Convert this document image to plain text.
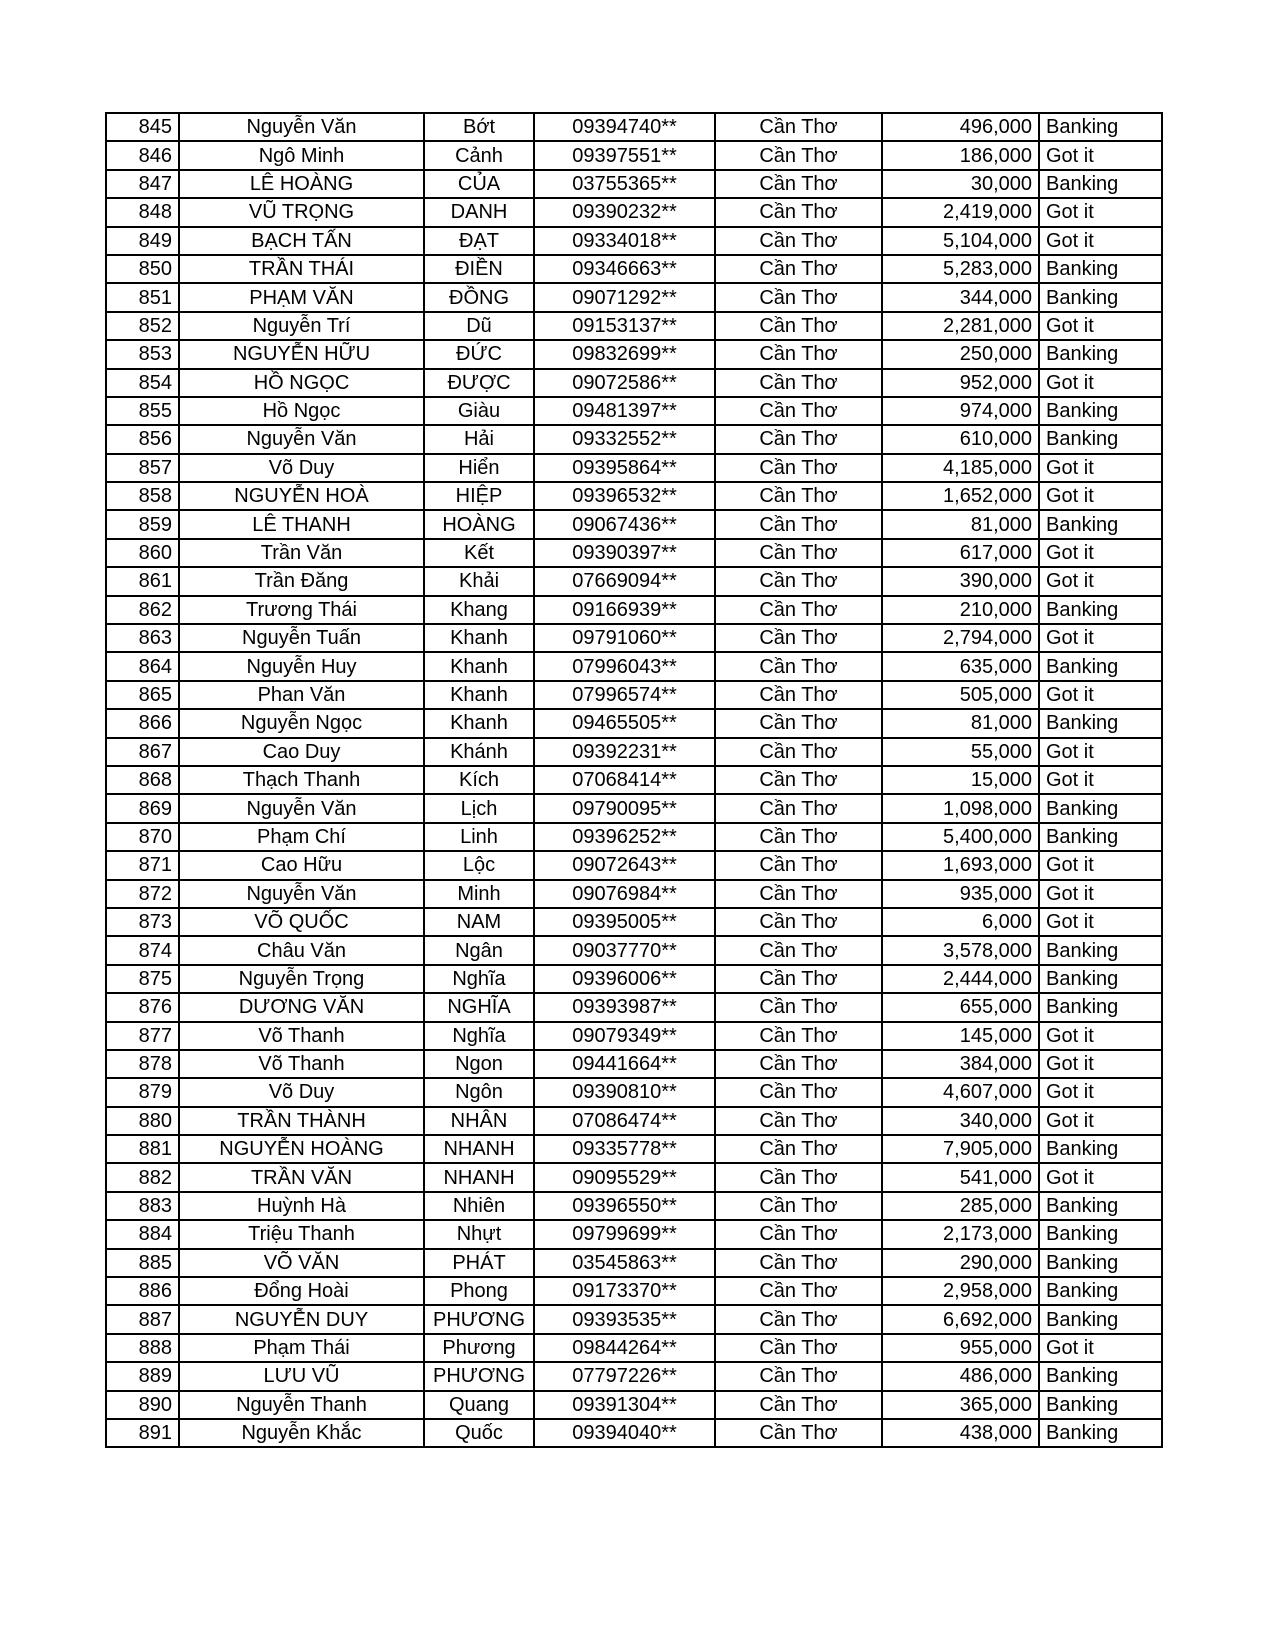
845	Nguyễn Văn	Bớt	09394740**	Cần Thơ	496,000	Banking
846	Ngô Minh	Cảnh	09397551**	Cần Thơ	186,000	Got it
847	LÊ HOÀNG	CỦA	03755365**	Cần Thơ	30,000	Banking
848	VŨ TRỌNG	DANH	09390232**	Cần Thơ	2,419,000	Got it
849	BẠCH TẤN	ĐẠT	09334018**	Cần Thơ	5,104,000	Got it
850	TRẦN THÁI	ĐIỀN	09346663**	Cần Thơ	5,283,000	Banking
851	PHẠM VĂN	ĐỒNG	09071292**	Cần Thơ	344,000	Banking
852	Nguyễn Trí	Dũ	09153137**	Cần Thơ	2,281,000	Got it
853	NGUYỄN HỮU	ĐỨC	09832699**	Cần Thơ	250,000	Banking
854	HỒ NGỌC	ĐƯỢC	09072586**	Cần Thơ	952,000	Got it
855	Hồ Ngọc	Giàu	09481397**	Cần Thơ	974,000	Banking
856	Nguyễn Văn	Hải	09332552**	Cần Thơ	610,000	Banking
857	Võ Duy	Hiển	09395864**	Cần Thơ	4,185,000	Got it
858	NGUYỄN HOÀ	HIỆP	09396532**	Cần Thơ	1,652,000	Got it
859	LÊ THANH	HOÀNG	09067436**	Cần Thơ	81,000	Banking
860	Trần Văn	Kết	09390397**	Cần Thơ	617,000	Got it
861	Trần Đăng	Khải	07669094**	Cần Thơ	390,000	Got it
862	Trương Thái	Khang	09166939**	Cần Thơ	210,000	Banking
863	Nguyễn Tuấn	Khanh	09791060**	Cần Thơ	2,794,000	Got it
864	Nguyễn Huy	Khanh	07996043**	Cần Thơ	635,000	Banking
865	Phan Văn	Khanh	07996574**	Cần Thơ	505,000	Got it
866	Nguyễn Ngọc	Khanh	09465505**	Cần Thơ	81,000	Banking
867	Cao Duy	Khánh	09392231**	Cần Thơ	55,000	Got it
868	Thạch Thanh	Kích	07068414**	Cần Thơ	15,000	Got it
869	Nguyễn Văn	Lịch	09790095**	Cần Thơ	1,098,000	Banking
870	Phạm Chí	Linh	09396252**	Cần Thơ	5,400,000	Banking
871	Cao Hữu	Lộc	09072643**	Cần Thơ	1,693,000	Got it
872	Nguyễn Văn	Minh	09076984**	Cần Thơ	935,000	Got it
873	VÕ QUỐC	NAM	09395005**	Cần Thơ	6,000	Got it
874	Châu Văn	Ngân	09037770**	Cần Thơ	3,578,000	Banking
875	Nguyễn Trọng	Nghĩa	09396006**	Cần Thơ	2,444,000	Banking
876	DƯƠNG VĂN	NGHĨA	09393987**	Cần Thơ	655,000	Banking
877	Võ Thanh	Nghĩa	09079349**	Cần Thơ	145,000	Got it
878	Võ Thanh	Ngon	09441664**	Cần Thơ	384,000	Got it
879	Võ Duy	Ngôn	09390810**	Cần Thơ	4,607,000	Got it
880	TRẦN THÀNH	NHÂN	07086474**	Cần Thơ	340,000	Got it
881	NGUYỄN HOÀNG	NHANH	09335778**	Cần Thơ	7,905,000	Banking
882	TRẦN VĂN	NHANH	09095529**	Cần Thơ	541,000	Got it
883	Huỳnh Hà	Nhiên	09396550**	Cần Thơ	285,000	Banking
884	Triệu Thanh	Nhựt	09799699**	Cần Thơ	2,173,000	Banking
885	VÕ VĂN	PHÁT	03545863**	Cần Thơ	290,000	Banking
886	Đổng Hoài	Phong	09173370**	Cần Thơ	2,958,000	Banking
887	NGUYỄN DUY	PHƯƠNG	09393535**	Cần Thơ	6,692,000	Banking
888	Phạm Thái	Phương	09844264**	Cần Thơ	955,000	Got it
889	LƯU VŨ	PHƯƠNG	07797226**	Cần Thơ	486,000	Banking
890	Nguyễn Thanh	Quang	09391304**	Cần Thơ	365,000	Banking
891	Nguyễn Khắc	Quốc	09394040**	Cần Thơ	438,000	Banking
